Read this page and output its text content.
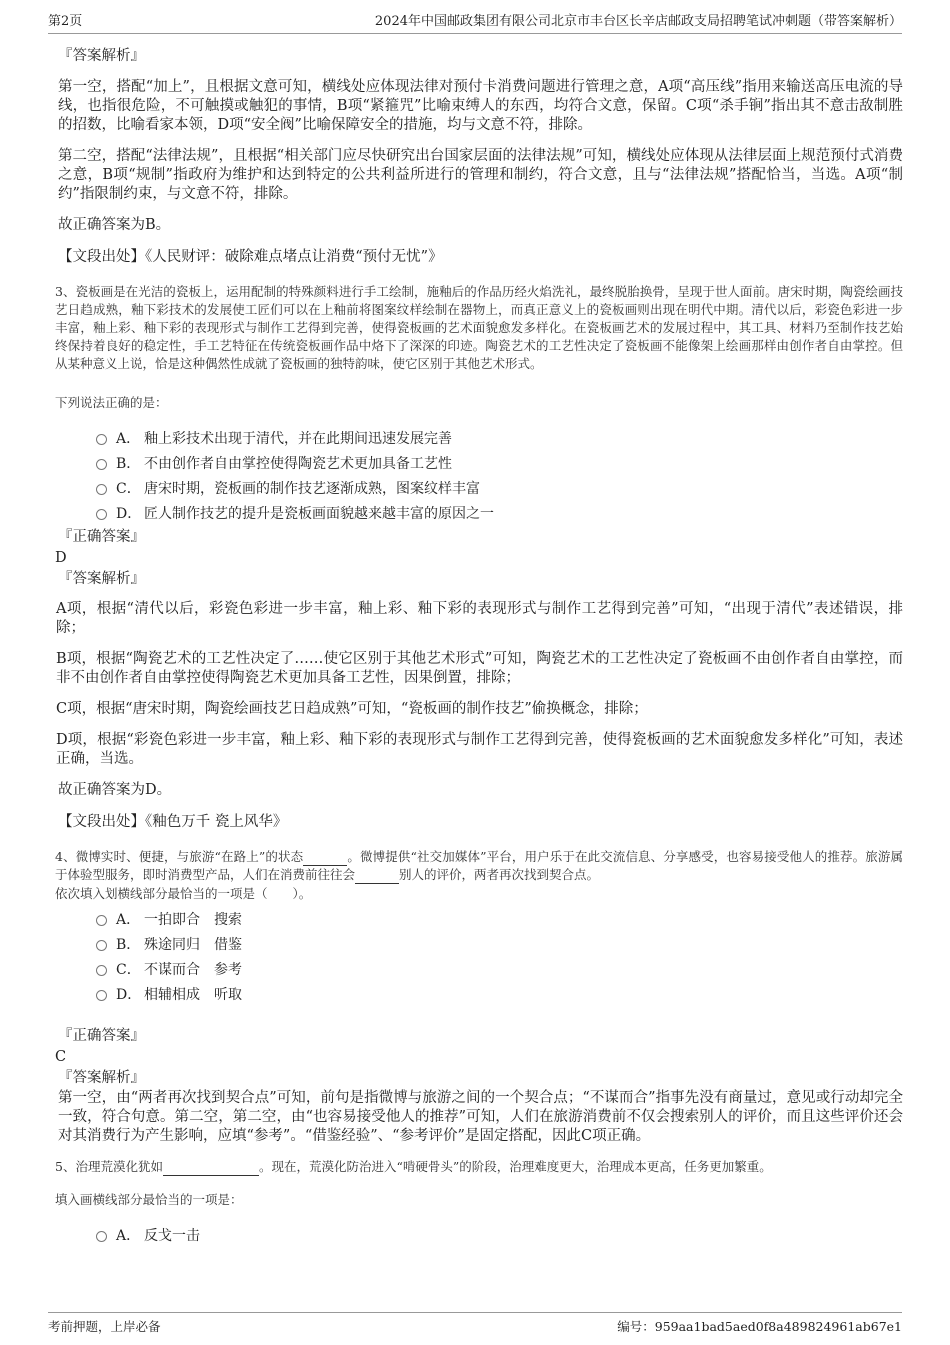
第2页	2024年中国邮政集团有限公司北京市丰台区长辛店邮政支局招聘笔试冲刺题（带答案解析）
『答案解析』

第一空，搭配“加上”，且根据文意可知，横线处应体现法律对预付卡消费问题进行管理之意，A项“高压线”指用来输送高压电流的导线，也指很危险，不可触摸或触犯的事情，B项“紧箍咒”比喻束缚人的东西，均符合文意，保留。C项“杀手锏”指出其不意击敌制胜的招数，比喻看家本领，D项“安全阀”比喻保障安全的措施，均与文意不符，排除。

第二空，搭配“法律法规”，且根据“相关部门应尽快研究出台国家层面的法律法规”可知，横线处应体现从法律层面上规范预付式消费之意，B项“规制”指政府为维护和达到特定的公共利益所进行的管理和制约，符合文意，且与“法律法规”搭配恰当，当选。A项“制约”指限制约束，与文意不符，排除。

故正确答案为B。

【文段出处】《人民财评：破除难点堵点让消费“预付无忧”》

3、瓷板画是在光洁的瓷板上，运用配制的特殊颜料进行手工绘制，施釉后的作品历经火焰洗礼，最终脱胎换骨，呈现于世人面前。唐宋时期，陶瓷绘画技艺日趋成熟，釉下彩技术的发展使工匠们可以在上釉前将图案纹样绘制在器物上，而真正意义上的瓷板画则出现在明代中期。清代以后，彩瓷色彩进一步丰富，釉上彩、釉下彩的表现形式与制作工艺得到完善，使得瓷板画的艺术面貌愈发多样化。在瓷板画艺术的发展过程中，其工具、材料乃至制作技艺始终保持着良好的稳定性，手工艺特征在传统瓷板画作品中烙下了深深的印迹。陶瓷艺术的工艺性决定了瓷板画不能像架上绘画那样由创作者自由掌控。但从某种意义上说，恰是这种偶然性成就了瓷板画的独特韵味，使它区别于其他艺术形式。

下列说法正确的是：
A． 釉上彩技术出现于清代，并在此期间迅速发展完善
B． 不由创作者自由掌控使得陶瓷艺术更加具备工艺性
C． 唐宋时期，瓷板画的制作技艺逐渐成熟，图案纹样丰富
D． 匠人制作技艺的提升是瓷板画面貌越来越丰富的原因之一
『正确答案』
D
『答案解析』

A项，根据“清代以后，彩瓷色彩进一步丰富，釉上彩、釉下彩的表现形式与制作工艺得到完善”可知，“出现于清代”表述错误，排除；

B项，根据“陶瓷艺术的工艺性决定了……使它区别于其他艺术形式”可知，陶瓷艺术的工艺性决定了瓷板画不由创作者自由掌控，而非不由创作者自由掌控使得陶瓷艺术更加具备工艺性，因果倒置，排除；

C项，根据“唐宋时期，陶瓷绘画技艺日趋成熟”可知，“瓷板画的制作技艺”偷换概念，排除；

D项，根据“彩瓷色彩进一步丰富，釉上彩、釉下彩的表现形式与制作工艺得到完善，使得瓷板画的艺术面貌愈发多样化”可知，表述正确，当选。

故正确答案为D。

【文段出处】《釉色万千 瓷上风华》

4、微博实时、便捷，与旅游“在路上”的状态	。微博提供“社交加媒体”平台，用户乐于在此交流信息、分享感受，也容易接受他人的推荐。旅游属于体验型服务，即时消费型产品，人们在消费前往往会	别人的评价，两者再次找到契合点。

依次填入划横线部分最恰当的一项是（　　）。
A． 一拍即合　搜索
B． 殊途同归　借鉴
C． 不谋而合　参考
D． 相辅相成　听取
『正确答案』
C
『答案解析』

第一空，由“两者再次找到契合点”可知，前句是指微博与旅游之间的一个契合点；“不谋而合”指事先没有商量过，意见或行动却完全一致，符合句意。第二空，第二空，由“也容易接受他人的推荐”可知，人们在旅游消费前不仅会搜索别人的评价，而且这些评价还会对其消费行为产生影响，应填“参考”。“借鉴经验”、“参考评价”是固定搭配，因此C项正确。

5、治理荒漠化犹如	。现在，荒漠化防治进入“啃硬骨头”的阶段，治理难度更大，治理成本更高，任务更加繁重。

填入画横线部分最恰当的一项是：
A． 反戈一击
考前押题，上岸必备	编号：959aa1bad5aed0f8a489824961ab67e1
